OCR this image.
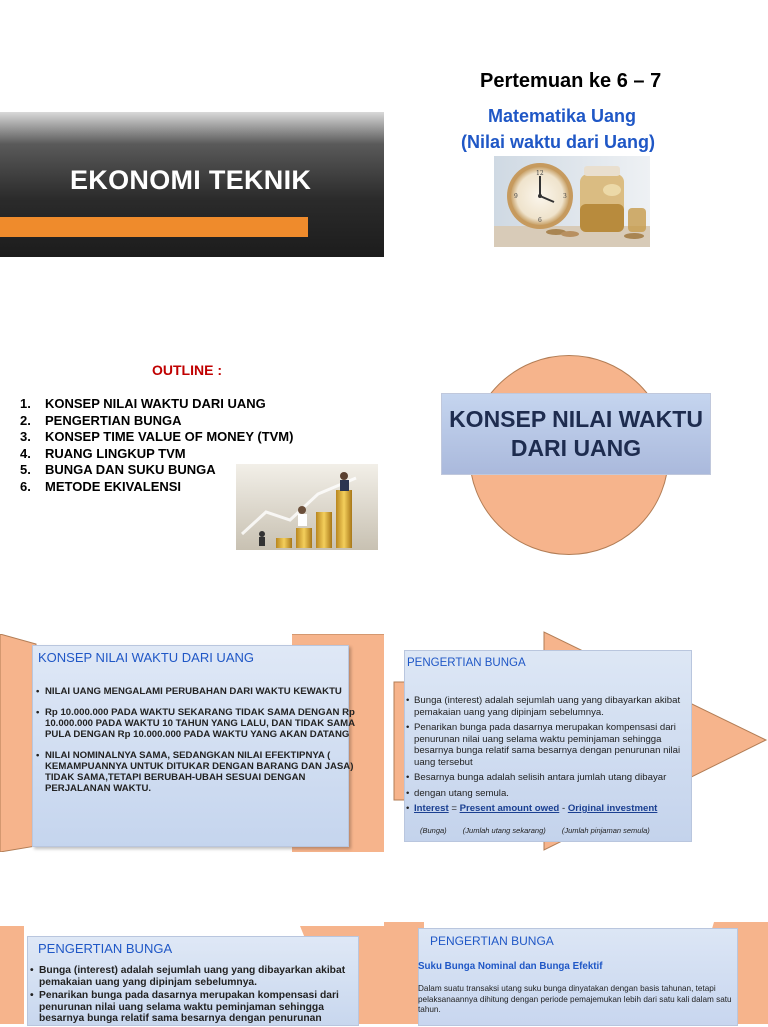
EKONOMI TEKNIK
Pertemuan ke 6 – 7
Matematika Uang
(Nilai waktu dari Uang)
12
3
6
9
OUTLINE :
1. KONSEP NILAI WAKTU DARI UANG
2. PENGERTIAN BUNGA
3. KONSEP TIME VALUE OF MONEY (TVM)
4. RUANG LINGKUP TVM
5. BUNGA DAN SUKU BUNGA
6. METODE EKIVALENSI
KONSEP NILAI WAKTU
DARI UANG
KONSEP NILAI WAKTU DARI UANG
• NILAI UANG MENGALAMI PERUBAHAN DARI WAKTU KEWAKTU
• Rp 10.000.000 PADA WAKTU SEKARANG TIDAK SAMA DENGAN Rp 10.000.000 PADA WAKTU 10 TAHUN YANG LALU, DAN TIDAK SAMA PULA DENGAN Rp 10.000.000 PADA WAKTU YANG AKAN DATANG
• NILAI NOMINALNYA SAMA, SEDANGKAN NILAI EFEKTIPNYA ( KEMAMPUANNYA UNTUK DITUKAR DENGAN BARANG DAN JASA) TIDAK SAMA,TETAPI BERUBAH-UBAH SESUAI DENGAN PERJALANAN WAKTU.
PENGERTIAN BUNGA
• Bunga (interest) adalah sejumlah uang yang dibayarkan akibat pemakaian uang yang dipinjam sebelumnya.
• Penarikan bunga pada dasarnya merupakan kompensasi dari penurunan nilai uang selama waktu peminjaman sehingga besarnya bunga relatif sama besarnya dengan penurunan nilai uang tersebut
• Besarnya bunga adalah selisih antara jumlah utang dibayar
• dengan utang semula.
• Interest = Present amount owed - Original investment
(Bunga) (Jumlah utang sekarang) (Jumlah pinjaman semula)
PENGERTIAN BUNGA
• Bunga (interest) adalah sejumlah uang yang dibayarkan akibat pemakaian uang yang dipinjam sebelumnya.
• Penarikan bunga pada dasarnya merupakan kompensasi dari penurunan nilai uang selama waktu peminjaman sehingga besarnya bunga relatif sama besarnya dengan penurunan
PENGERTIAN BUNGA
Suku Bunga Nominal dan Bunga Efektif
Dalam suatu transaksi utang suku bunga dinyatakan dengan basis tahunan, tetapi pelaksanaannya dihitung dengan periode pemajemukan lebih dari satu kali dalam satu tahun.
